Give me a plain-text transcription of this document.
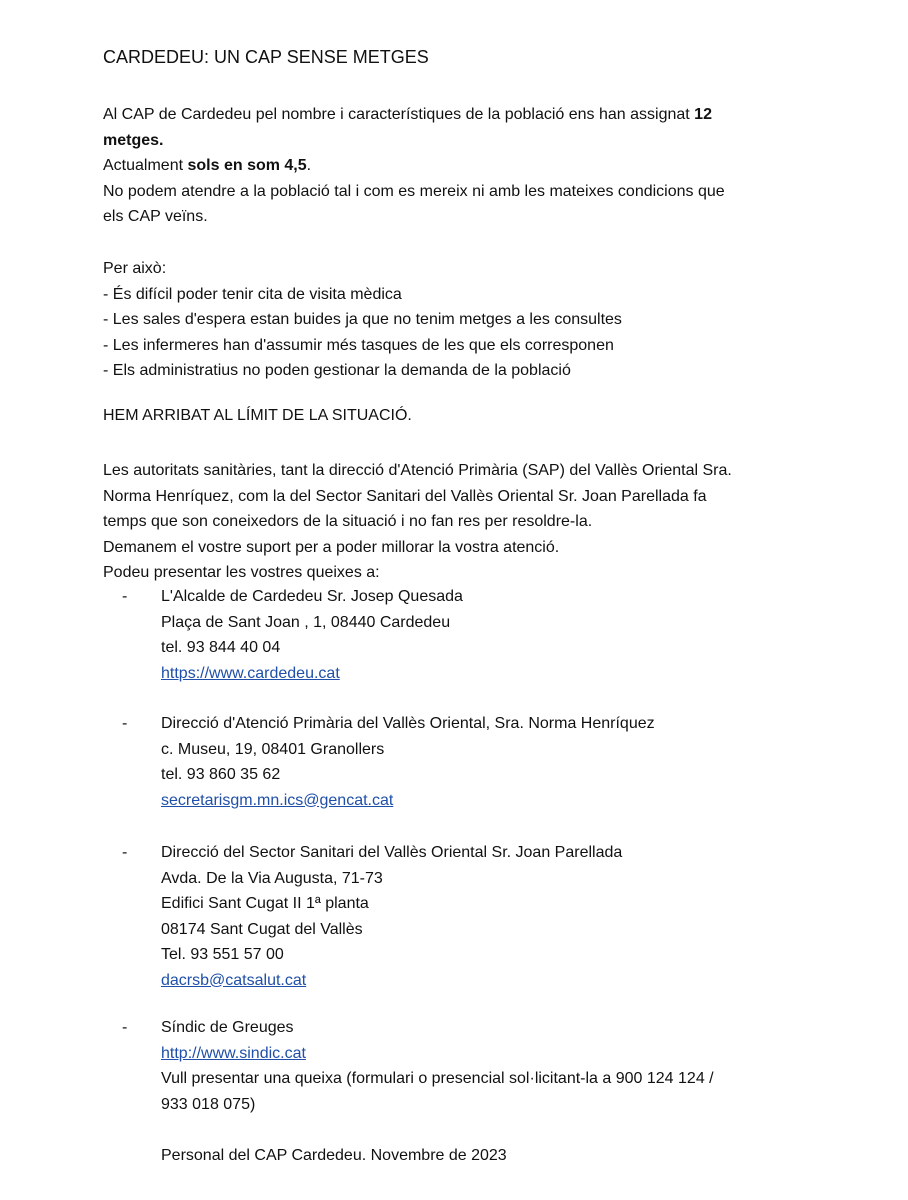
CARDEDEU: UN CAP SENSE METGES
Al CAP de Cardedeu pel nombre i característiques de la població ens han assignat 12
metges.
Actualment sols en som 4,5.
No podem atendre a la població tal i com es mereix ni amb les mateixes condicions que
els CAP veïns.
Per això:
- És difícil poder tenir cita de visita mèdica
- Les sales d'espera estan buides ja que no tenim metges a les consultes
- Les infermeres han d'assumir més tasques de les que els corresponen
- Els administratius no poden gestionar la demanda de la població
HEM ARRIBAT AL LÍMIT DE LA SITUACIÓ.
Les autoritats sanitàries, tant la direcció d'Atenció Primària (SAP) del Vallès Oriental Sra.
Norma Henríquez, com la del Sector Sanitari del Vallès Oriental Sr. Joan Parellada fa
temps que son coneixedors de la situació i no fan res per resoldre-la.
Demanem el vostre suport per a poder millorar la vostra atenció.
Podeu presentar les vostres queixes a:
-	L'Alcalde de Cardedeu Sr. Josep Quesada
Plaça de Sant Joan , 1, 08440 Cardedeu
tel. 93 844 40 04
https://www.cardedeu.cat
-	Direcció d'Atenció Primària del Vallès Oriental, Sra. Norma Henríquez
c. Museu, 19, 08401 Granollers
tel. 93 860 35 62
secretarisgm.mn.ics@gencat.cat
-	Direcció del Sector Sanitari del Vallès Oriental Sr. Joan Parellada
Avda. De la Via Augusta, 71-73
Edifici Sant Cugat II 1ª planta
08174 Sant Cugat del Vallès
Tel. 93 551 57 00
dacrsb@catsalut.cat
-	Síndic de Greuges
http://www.sindic.cat
Vull presentar una queixa (formulari o presencial sol·licitant-la a 900 124 124 /
933 018 075)
Personal del CAP Cardedeu. Novembre de 2023
